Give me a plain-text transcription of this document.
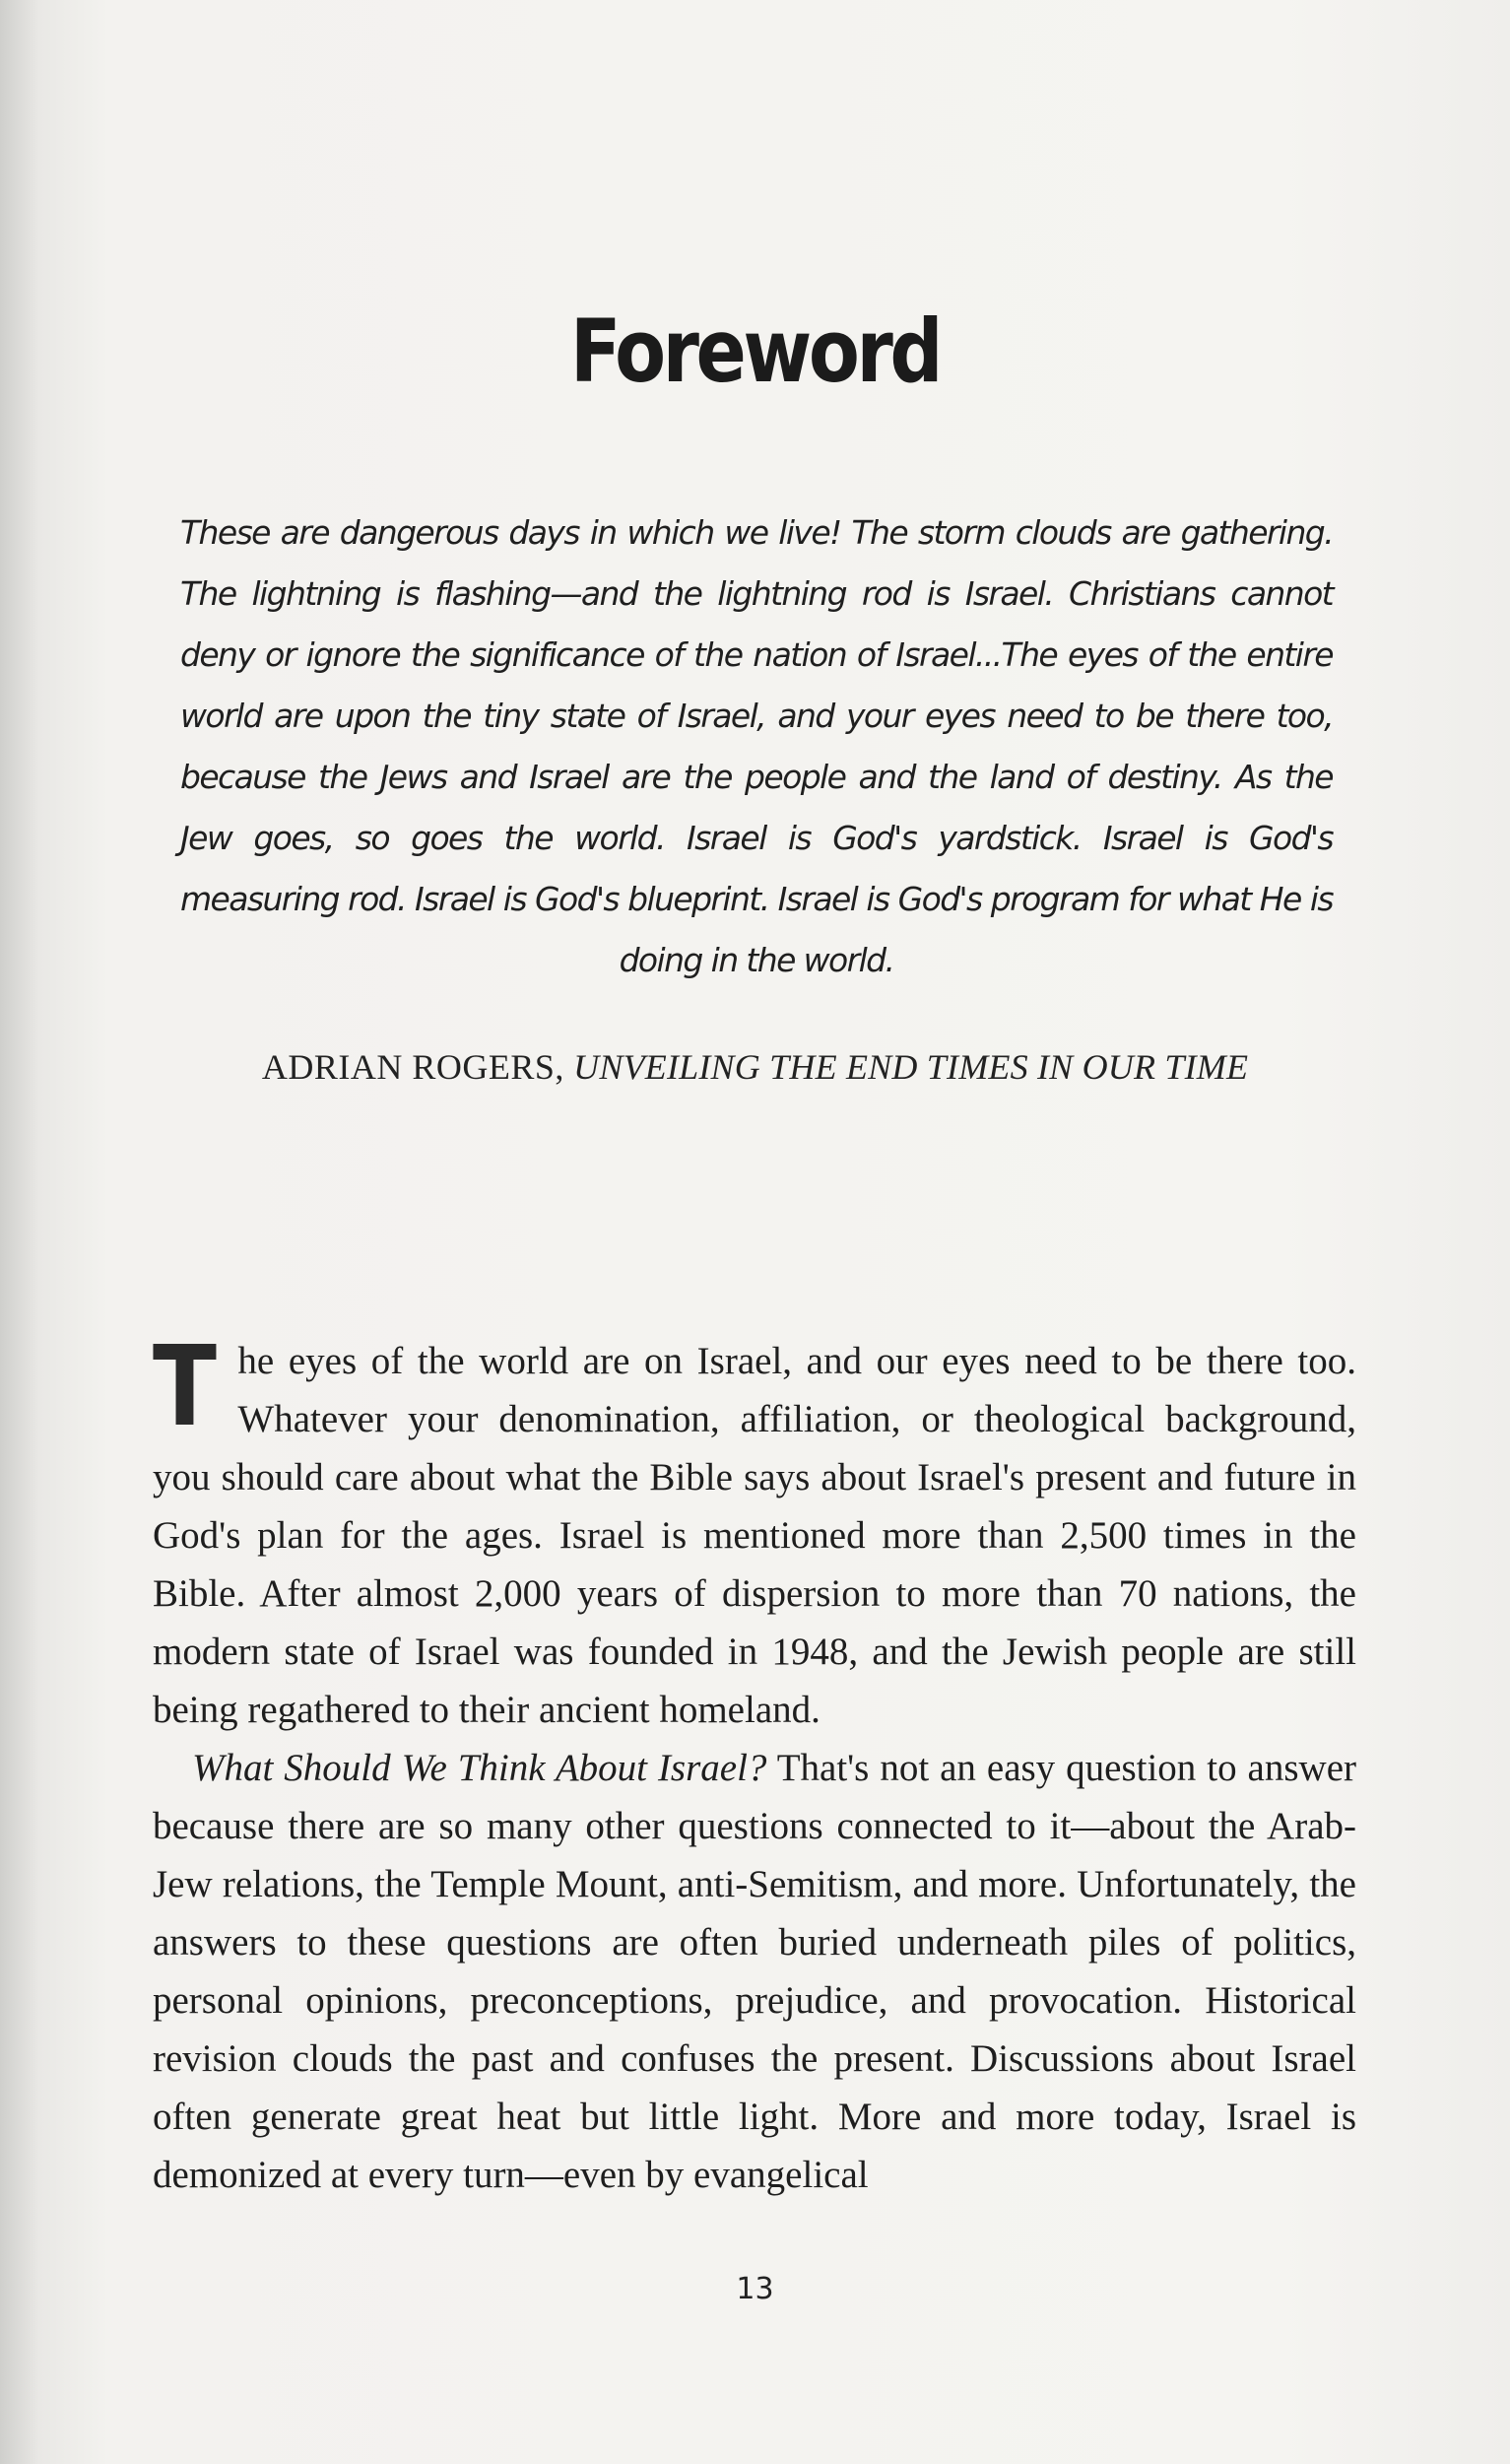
Foreword

These are dangerous days in which we live! The storm clouds are gathering. The lightning is flashing—and the lightning rod is Israel. Christians cannot deny or ignore the significance of the nation of Israel...The eyes of the entire world are upon the tiny state of Israel, and your eyes need to be there too, because the Jews and Israel are the people and the land of destiny. As the Jew goes, so goes the world. Israel is God's yardstick. Israel is God's measuring rod. Israel is God's blueprint. Israel is God's program for what He is doing in the world.

ADRIAN ROGERS, UNVEILING THE END TIMES IN OUR TIME

The eyes of the world are on Israel, and our eyes need to be there too. Whatever your denomination, affiliation, or theological background, you should care about what the Bible says about Israel's present and future in God's plan for the ages. Israel is mentioned more than 2,500 times in the Bible. After almost 2,000 years of dispersion to more than 70 nations, the modern state of Israel was founded in 1948, and the Jewish people are still being regathered to their ancient homeland.

What Should We Think About Israel? That's not an easy question to answer because there are so many other questions connected to it—about the Arab-Jew relations, the Temple Mount, anti-Semitism, and more. Unfortunately, the answers to these questions are often buried underneath piles of politics, personal opinions, preconceptions, prejudice, and provocation. Historical revision clouds the past and confuses the present. Discussions about Israel often generate great heat but little light. More and more today, Israel is demonized at every turn—even by evangelical

13
